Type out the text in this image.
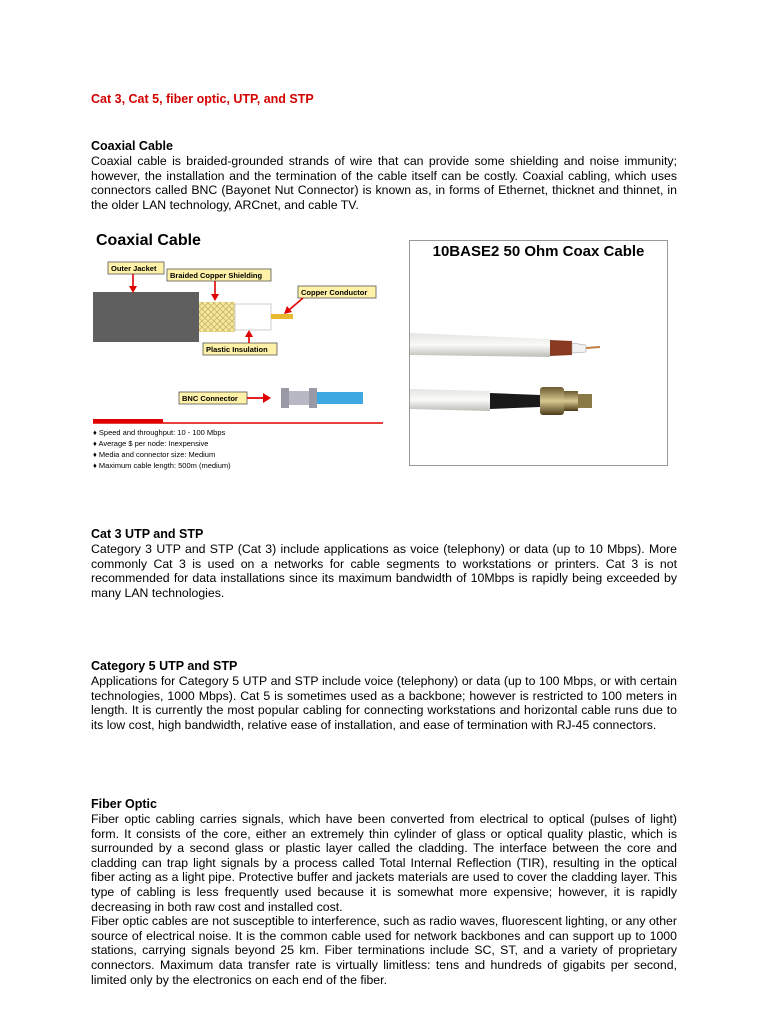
Cat 3, Cat 5, fiber optic, UTP, and STP

Coaxial Cable

Coaxial cable is braided-grounded strands of wire that can provide some shielding and noise immunity; however, the installation and the termination of the cable itself can be costly. Coaxial cabling, which uses connectors called BNC (Bayonet Nut Connector) is known as, in forms of Ethernet, thicknet and thinnet, in the older LAN technology, ARCnet, and cable TV.

Coaxial Cable
Outer Jacket
Braided Copper Shielding
Copper Conductor
Plastic Insulation
BNC Connector
♦ Speed and throughput: 10 - 100 Mbps
♦ Average $ per node: Inexpensive
♦ Media and connector size: Medium
♦ Maximum cable length: 500m (medium)
10BASE2 50 Ohm Coax Cable

Cat 3 UTP and STP

Category 3 UTP and STP (Cat 3) include applications as voice (telephony) or data (up to 10 Mbps). More commonly Cat 3 is used on a networks for cable segments to workstations or printers. Cat 3 is not recommended for data installations since its maximum bandwidth of 10Mbps is rapidly being exceeded by many LAN technologies.

Category 5 UTP and STP

Applications for Category 5 UTP and STP include voice (telephony) or data (up to 100 Mbps, or with certain technologies, 1000 Mbps). Cat 5 is sometimes used as a backbone; however is restricted to 100 meters in length. It is currently the most popular cabling for connecting workstations and horizontal cable runs due to its low cost, high bandwidth, relative ease of installation, and ease of termination with RJ-45 connectors.

Fiber Optic

Fiber optic cabling carries signals, which have been converted from electrical to optical (pulses of light) form. It consists of the core, either an extremely thin cylinder of glass or optical quality plastic, which is surrounded by a second glass or plastic layer called the cladding. The interface between the core and cladding can trap light signals by a process called Total Internal Reflection (TIR), resulting in the optical fiber acting as a light pipe. Protective buffer and jackets materials are used to cover the cladding layer. This type of cabling is less frequently used because it is somewhat more expensive; however, it is rapidly decreasing in both raw cost and installed cost.

Fiber optic cables are not susceptible to interference, such as radio waves, fluorescent lighting, or any other source of electrical noise. It is the common cable used for network backbones and can support up to 1000 stations, carrying signals beyond 25 km. Fiber terminations include SC, ST, and a variety of proprietary connectors. Maximum data transfer rate is virtually limitless: tens and hundreds of gigabits per second, limited only by the electronics on each end of the fiber.
